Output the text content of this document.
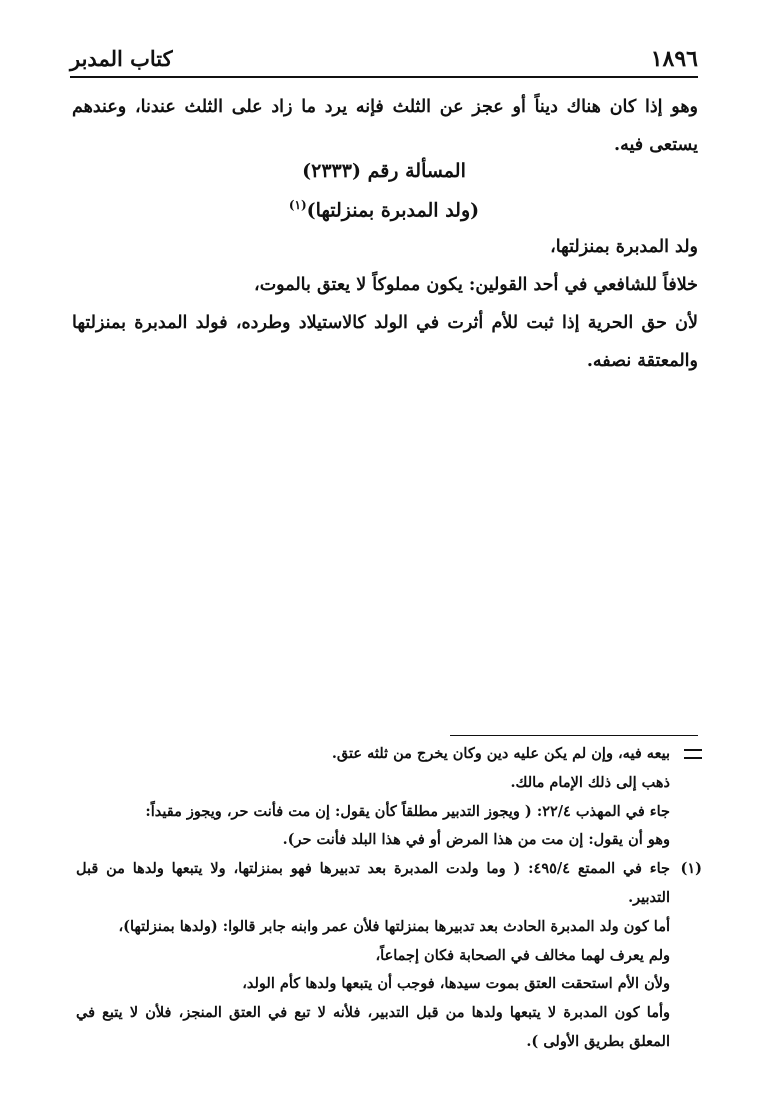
١٨٩٦
كتاب المدبر
وهو إذا كان هناك ديناً أو عجز عن الثلث فإنه يرد ما زاد على الثلث عندنا، وعندهم يستعى فيه.
المسألة رقم (٢٣٣٣)
(ولد المدبرة بمنزلتها)$^{(١)}$
ولد المدبرة بمنزلتها،
خلافاً للشافعي في أحد القولين: يكون مملوكاً لا يعتق بالموت،
لأن حق الحرية إذا ثبت للأم أثرت في الولد كالاستيلاد وطرده، فولد المدبرة بمنزلتها والمعتقة نصفه.
بيعه فيه، وإن لم يكن عليه دين وكان يخرج من ثلثه عتق.
ذهب إلى ذلك الإمام مالك.
جاء في المهذب ٢٢/٤: ( ويجوز التدبير مطلقاً كأن يقول: إن مت فأنت حر، ويجوز مقيداً:
وهو أن يقول: إن مت من هذا المرض أو في هذا البلد فأنت حر).
(١)
جاء في الممتع ٤٩٥/٤: ( وما ولدت المدبرة بعد تدبيرها فهو بمنزلتها، ولا يتبعها ولدها من قبل التدبير.
أما كون ولد المدبرة الحادث بعد تدبيرها بمنزلتها فلأن عمر وابنه جابر قالوا: (ولدها بمنزلتها)،
ولم يعرف لهما مخالف في الصحابة فكان إجماعاً،
ولأن الأم استحقت العتق بموت سيدها، فوجب أن يتبعها ولدها كأم الولد،
وأما كون المدبرة لا يتبعها ولدها من قبل التدبير، فلأنه لا تبع في العتق المنجز، فلأن لا يتبع في المعلق بطريق الأولى ).
